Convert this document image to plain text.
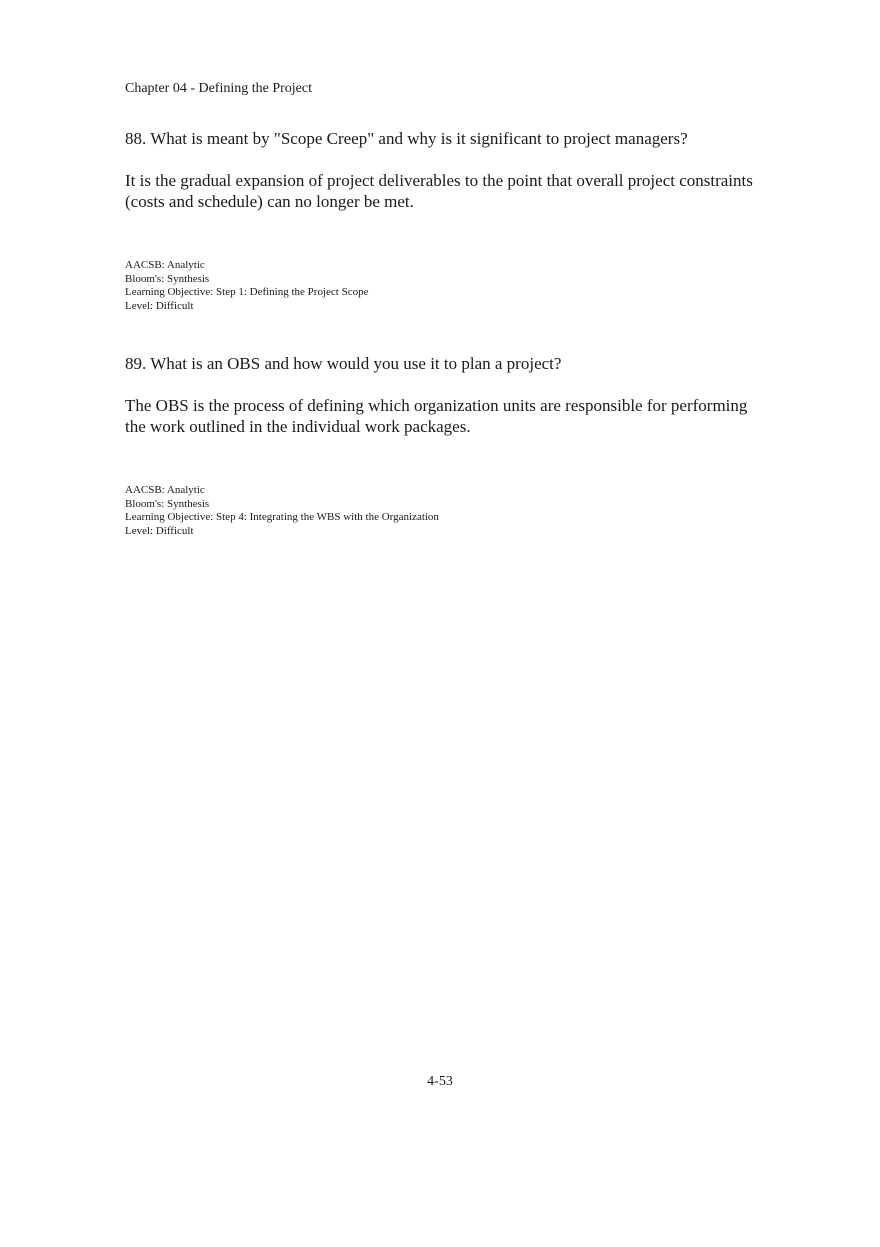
Chapter 04 - Defining the Project

88. What is meant by "Scope Creep" and why is it significant to project managers?

It is the gradual expansion of project deliverables to the point that overall project constraints
(costs and schedule) can no longer be met.

AACSB: Analytic
Bloom's: Synthesis
Learning Objective: Step 1: Defining the Project Scope
Level: Difficult

89. What is an OBS and how would you use it to plan a project?

The OBS is the process of defining which organization units are responsible for performing
the work outlined in the individual work packages.

AACSB: Analytic
Bloom's: Synthesis
Learning Objective: Step 4: Integrating the WBS with the Organization
Level: Difficult
4-53
